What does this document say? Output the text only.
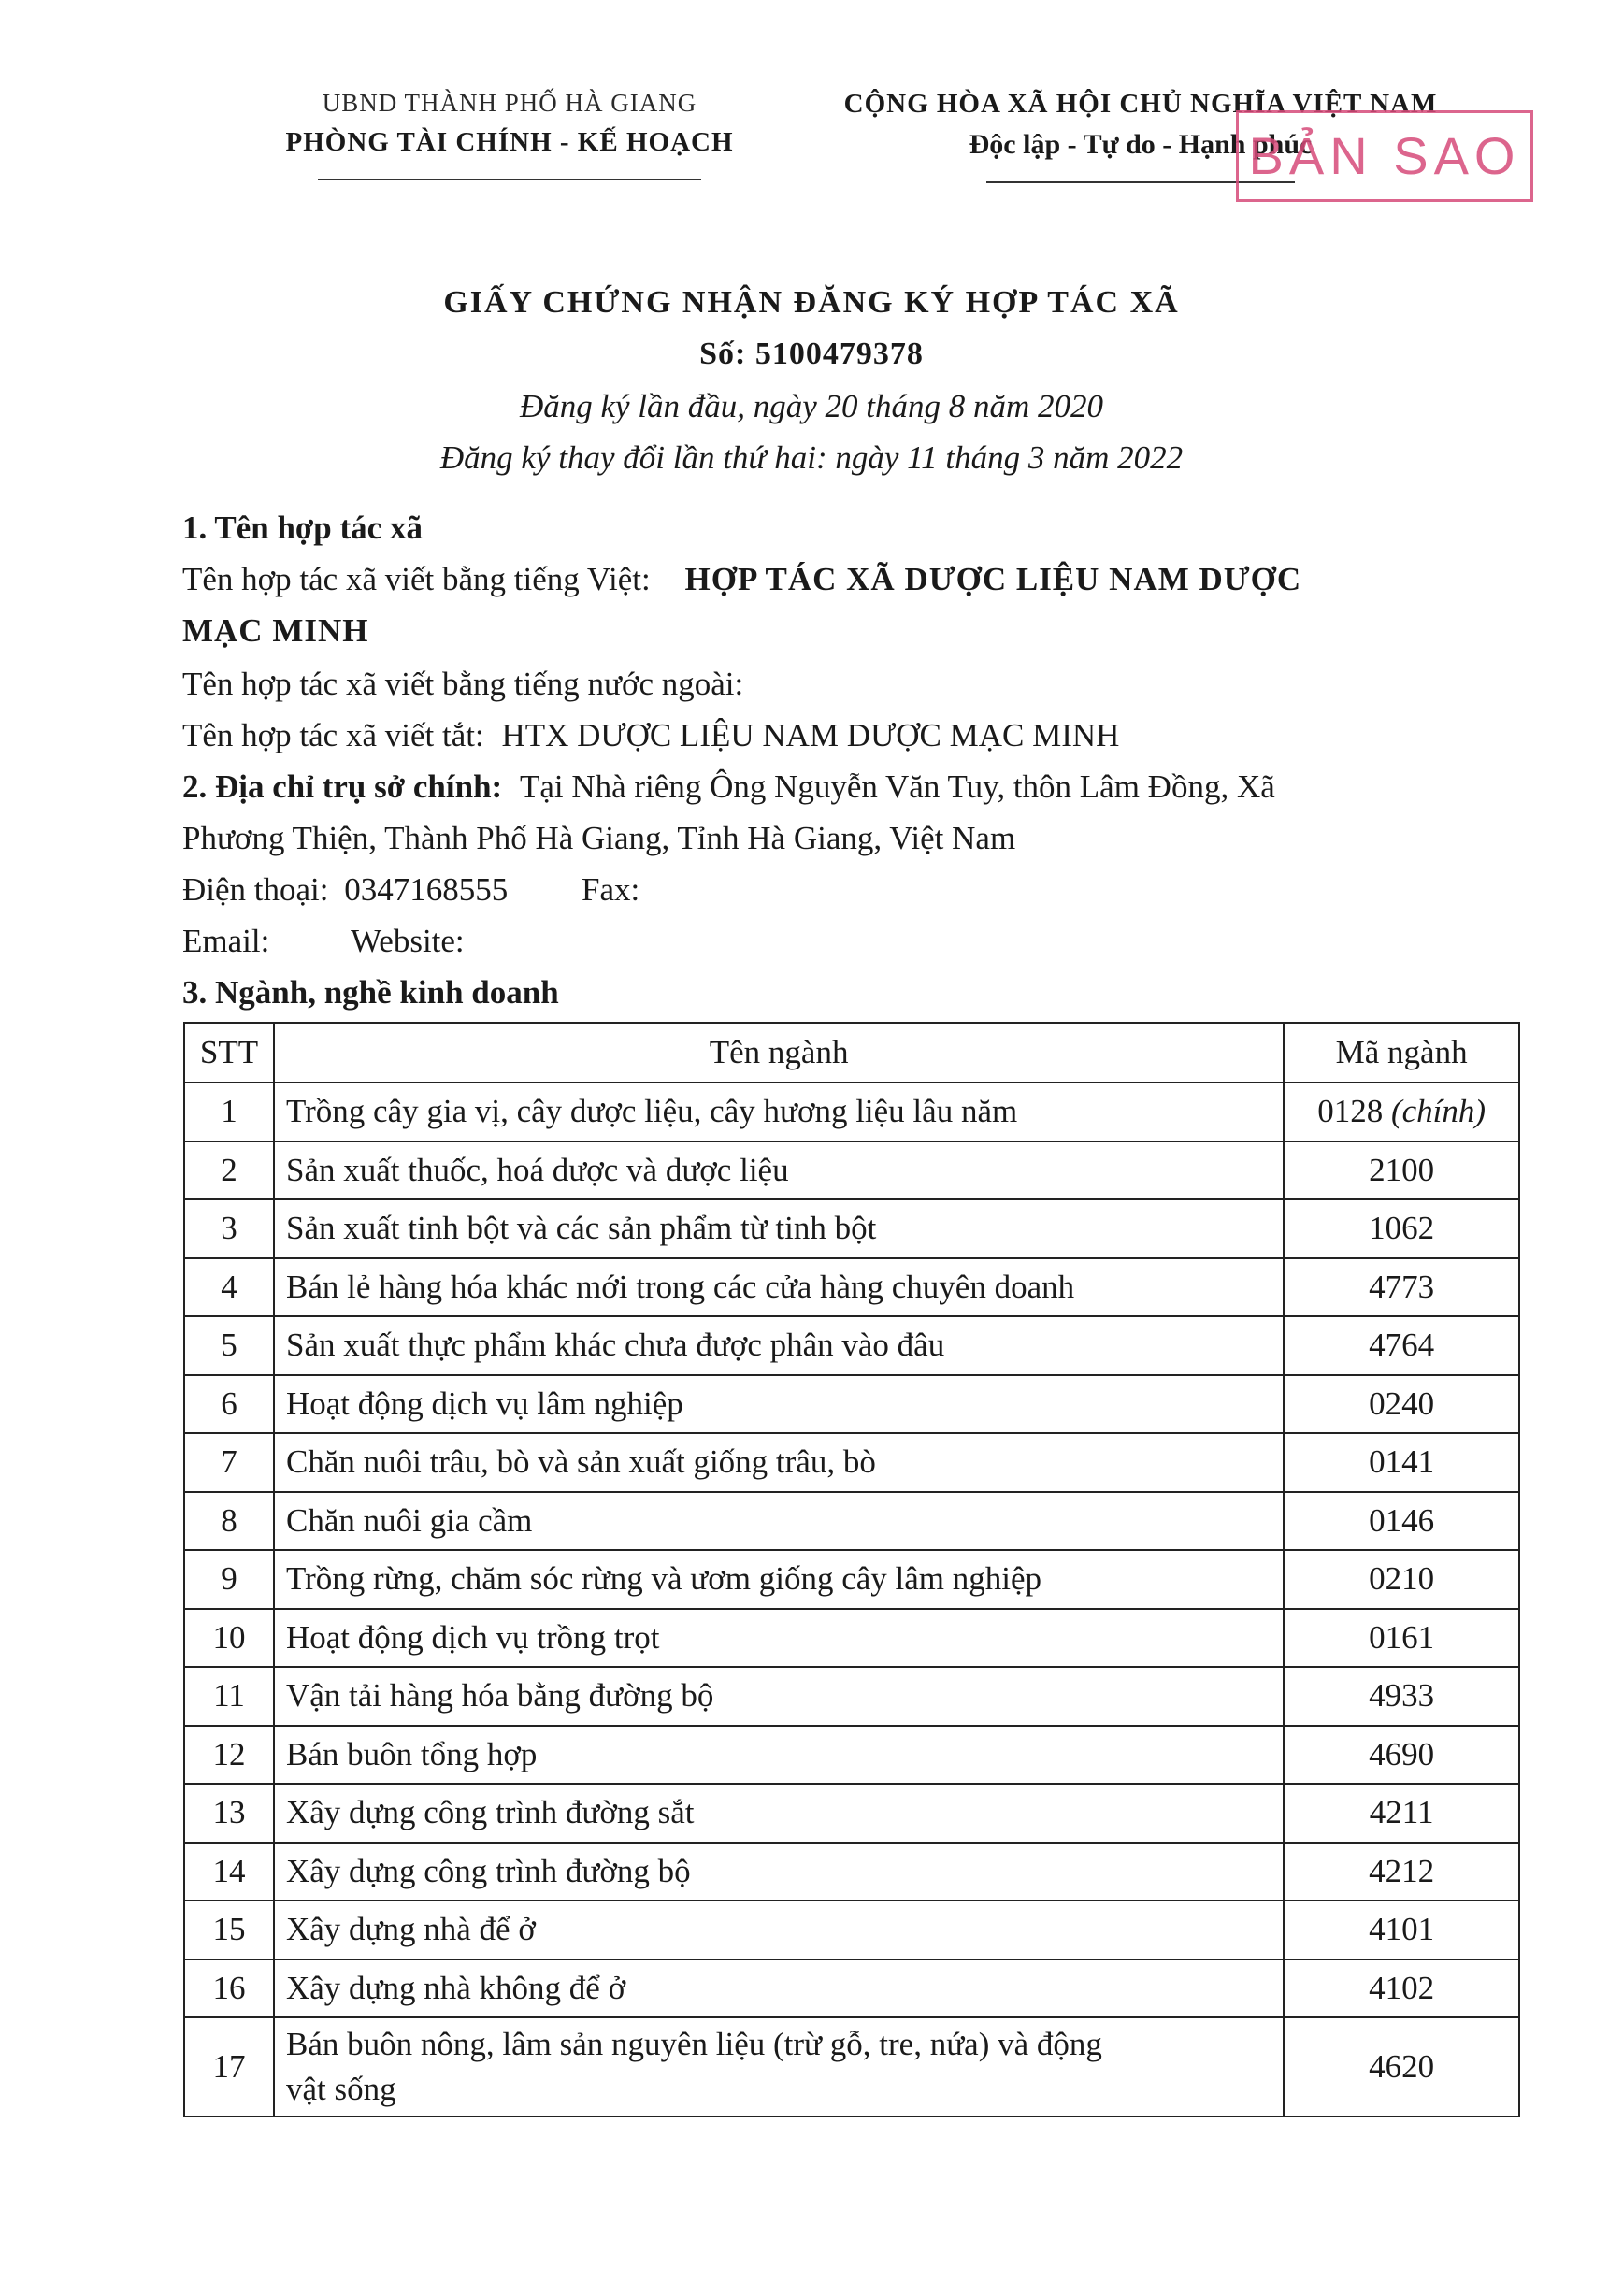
UBND THÀNH PHỐ HÀ GIANG
PHÒNG TÀI CHÍNH - KẾ HOẠCH
CỘNG HÒA XÃ HỘI CHỦ NGHĨA VIỆT NAM
Độc lập - Tự do - Hạnh phúc
BẢN SAO
GIẤY CHỨNG NHẬN ĐĂNG KÝ HỢP TÁC XÃ
Số: 5100479378
Đăng ký lần đầu, ngày 20 tháng 8 năm 2020
Đăng ký thay đổi lần thứ hai: ngày 11 tháng 3 năm 2022
1. Tên hợp tác xã
Tên hợp tác xã viết bằng tiếng Việt: HỢP TÁC XÃ DƯỢC LIỆU NAM DƯỢC
MẠC MINH
Tên hợp tác xã viết bằng tiếng nước ngoài:
Tên hợp tác xã viết tắt: HTX DƯỢC LIỆU NAM DƯỢC MẠC MINH
2. Địa chỉ trụ sở chính: Tại Nhà riêng Ông Nguyễn Văn Tuy, thôn Lâm Đồng, Xã
Phương Thiện, Thành Phố Hà Giang, Tỉnh Hà Giang, Việt Nam
Điện thoại: 0347168555 Fax:
Email: Website:
3. Ngành, nghề kinh doanh
STT	Tên ngành	Mã ngành
1	Trồng cây gia vị, cây dược liệu, cây hương liệu lâu năm	0128 (chính)
2	Sản xuất thuốc, hoá dược và dược liệu	2100
3	Sản xuất tinh bột và các sản phẩm từ tinh bột	1062
4	Bán lẻ hàng hóa khác mới trong các cửa hàng chuyên doanh	4773
5	Sản xuất thực phẩm khác chưa được phân vào đâu	4764
6	Hoạt động dịch vụ lâm nghiệp	0240
7	Chăn nuôi trâu, bò và sản xuất giống trâu, bò	0141
8	Chăn nuôi gia cầm	0146
9	Trồng rừng, chăm sóc rừng và ươm giống cây lâm nghiệp	0210
10	Hoạt động dịch vụ trồng trọt	0161
11	Vận tải hàng hóa bằng đường bộ	4933
12	Bán buôn tổng hợp	4690
13	Xây dựng công trình đường sắt	4211
14	Xây dựng công trình đường bộ	4212
15	Xây dựng nhà để ở	4101
16	Xây dựng nhà không để ở	4102
17	Bán buôn nông, lâm sản nguyên liệu (trừ gỗ, tre, nứa) và động
vật sống	4620
